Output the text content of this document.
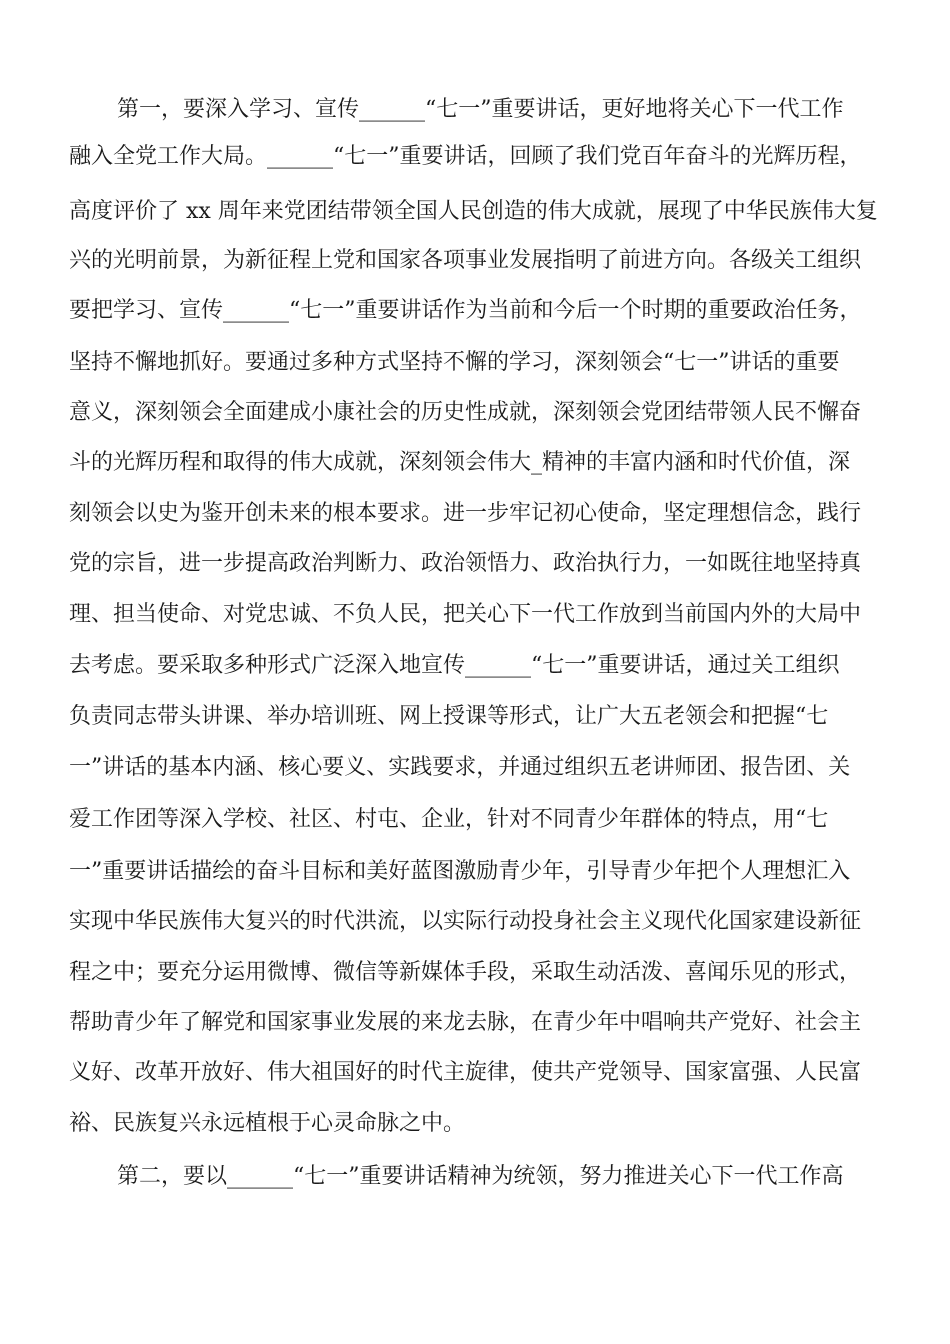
第一，要深入学习、宣传______“七一”重要讲话，更好地将关心下一代工作
融入全党工作大局。______“七一”重要讲话，回顾了我们党百年奋斗的光辉历程，
高度评价了 xx 周年来党团结带领全国人民创造的伟大成就，展现了中华民族伟大复
兴的光明前景，为新征程上党和国家各项事业发展指明了前进方向。各级关工组织
要把学习、宣传______“七一”重要讲话作为当前和今后一个时期的重要政治任务，
坚持不懈地抓好。要通过多种方式坚持不懈的学习，深刻领会“七一”讲话的重要
意义，深刻领会全面建成小康社会的历史性成就，深刻领会党团结带领人民不懈奋
斗的光辉历程和取得的伟大成就，深刻领会伟大_精神的丰富内涵和时代价值，深
刻领会以史为鉴开创未来的根本要求。进一步牢记初心使命，坚定理想信念，践行
党的宗旨，进一步提高政治判断力、政治领悟力、政治执行力，一如既往地坚持真
理、担当使命、对党忠诚、不负人民，把关心下一代工作放到当前国内外的大局中
去考虑。要采取多种形式广泛深入地宣传______“七一”重要讲话，通过关工组织
负责同志带头讲课、举办培训班、网上授课等形式，让广大五老领会和把握“七
一”讲话的基本内涵、核心要义、实践要求，并通过组织五老讲师团、报告团、关
爱工作团等深入学校、社区、村屯、企业，针对不同青少年群体的特点，用“七
一”重要讲话描绘的奋斗目标和美好蓝图激励青少年，引导青少年把个人理想汇入
实现中华民族伟大复兴的时代洪流，以实际行动投身社会主义现代化国家建设新征
程之中；要充分运用微博、微信等新媒体手段，采取生动活泼、喜闻乐见的形式，
帮助青少年了解党和国家事业发展的来龙去脉，在青少年中唱响共产党好、社会主
义好、改革开放好、伟大祖国好的时代主旋律，使共产党领导、国家富强、人民富
裕、民族复兴永远植根于心灵命脉之中。
第二，要以______“七一”重要讲话精神为统领，努力推进关心下一代工作高
